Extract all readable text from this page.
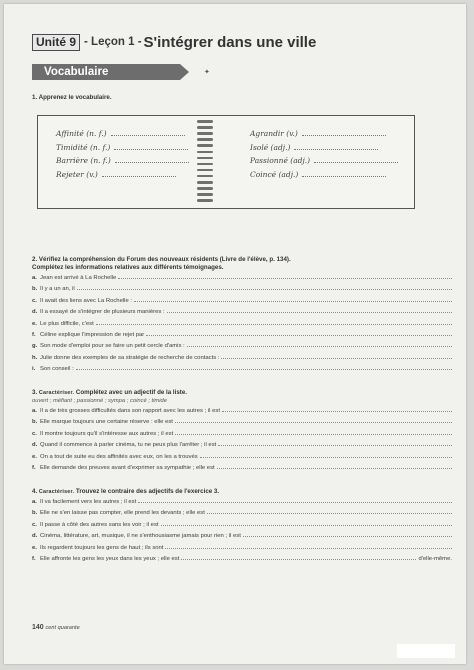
Unité 9 - Leçon 1 - S'intégrer dans une ville
Vocabulaire	✦
1. Apprenez le vocabulaire.
Affinité (n. f.)
Timidité (n. f.)
Barrière (n. f.)
Rejeter (v.)
Agrandir (v.)
Isolé (adj.)
Passionné (adj.)
Coincé (adj.)
2. Vérifiez la compréhension du Forum des nouveaux résidents (Livre de l'élève, p. 134).
Complétez les informations relatives aux différents témoignages.
a. Jean est arrivé à La Rochelle
b. Il y a un an, il
c. Il avait des liens avec La Rochelle :
d. Il a essayé de s'intégrer de plusieurs manières :
e. Le plus difficile, c'est
f. Céline explique l'impression de rejet par
g. Son mode d'emploi pour se faire un petit cercle d'amis :
h. Julie donne des exemples de sa stratégie de recherche de contacts :
i. Son conseil :
3. Caractériser. Complétez avec un adjectif de la liste.
ouvert ; méfiant ; passionné ; sympa ; coincé ; timide
a. Il a de très grosses difficultés dans son rapport avec les autres ; il est
b. Elle marque toujours une certaine réserve : elle est
c. Il montre toujours qu'il s'intéresse aux autres ; il est
d. Quand il commence à parler cinéma, tu ne peux plus l'arrêter ; il est
e. On a tout de suite eu des affinités avec eux, on les a trouvés
f. Elle demande des preuves avant d'exprimer sa sympathie ; elle est
4. Caractériser. Trouvez le contraire des adjectifs de l'exercice 3.
a. Il va facilement vers les autres ; il est
b. Elle ne s'en laisse pas compter, elle prend les devants ; elle est
c. Il passe à côté des autres sans les voir ; il est
d. Cinéma, littérature, art, musique, il ne s'enthousiasme jamais pour rien ; il est
e. Ils regardent toujours les gens de haut ; ils sont
f. Elle affronte les gens les yeux dans les yeux ; elle est	d'elle-même.
140 cent quarante
